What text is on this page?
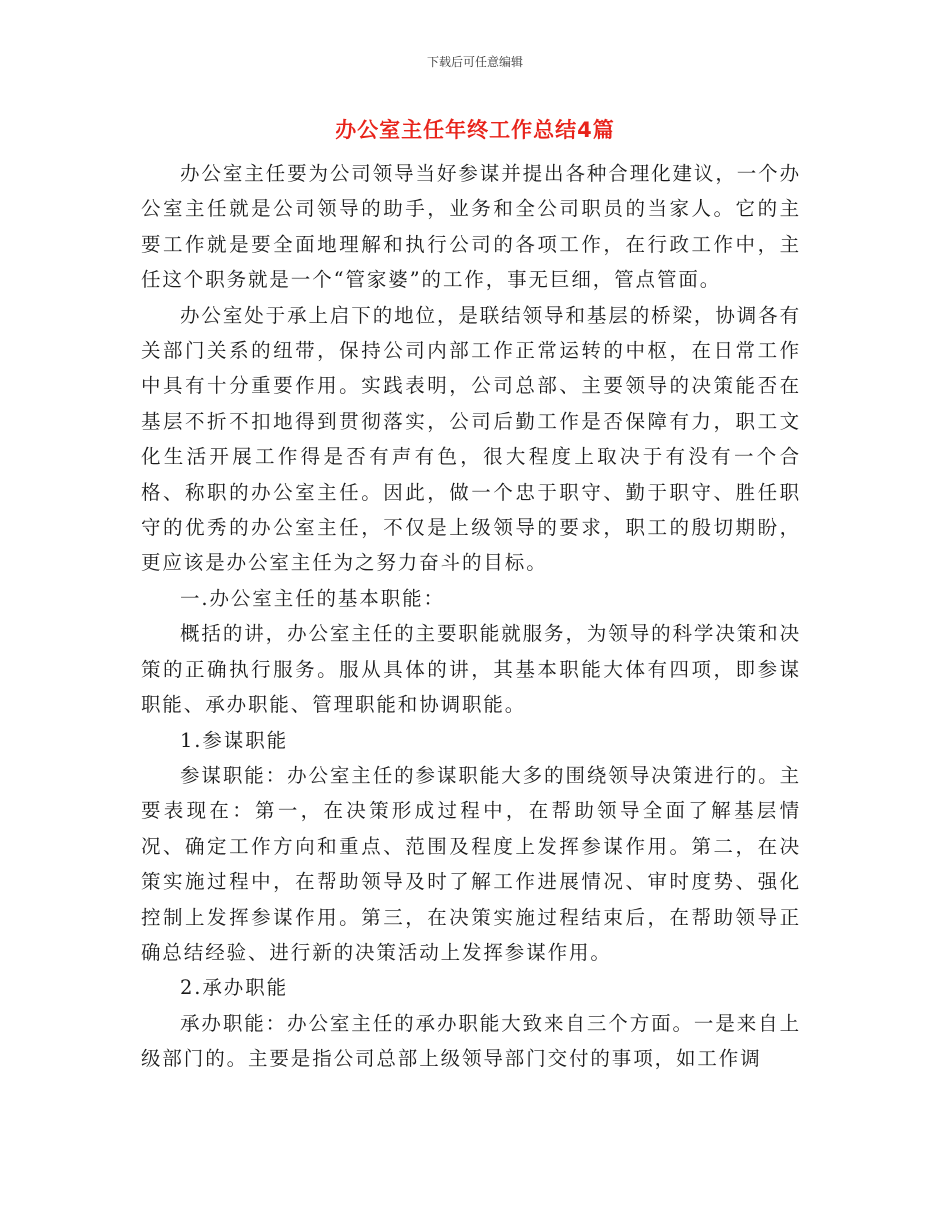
下载后可任意编辑
办公室主任年终工作总结4篇

办公室主任要为公司领导当好参谋并提出各种合理化建议，一个办公室主任就是公司领导的助手，业务和全公司职员的当家人。它的主要工作就是要全面地理解和执行公司的各项工作，在行政工作中，主任这个职务就是一个“管家婆”的工作，事无巨细，管点管面。

办公室处于承上启下的地位，是联结领导和基层的桥梁，协调各有关部门关系的纽带，保持公司内部工作正常运转的中枢，在日常工作中具有十分重要作用。实践表明，公司总部、主要领导的决策能否在基层不折不扣地得到贯彻落实，公司后勤工作是否保障有力，职工文化生活开展工作得是否有声有色，很大程度上取决于有没有一个合格、称职的办公室主任。因此，做一个忠于职守、勤于职守、胜任职守的优秀的办公室主任，不仅是上级领导的要求，职工的殷切期盼，更应该是办公室主任为之努力奋斗的目标。

一.办公室主任的基本职能：

概括的讲，办公室主任的主要职能就服务，为领导的科学决策和决策的正确执行服务。服从具体的讲，其基本职能大体有四项，即参谋职能、承办职能、管理职能和协调职能。

1.参谋职能

参谋职能：办公室主任的参谋职能大多的围绕领导决策进行的。主要表现在：第一，在决策形成过程中，在帮助领导全面了解基层情况、确定工作方向和重点、范围及程度上发挥参谋作用。第二，在决策实施过程中，在帮助领导及时了解工作进展情况、审时度势、强化控制上发挥参谋作用。第三，在决策实施过程结束后，在帮助领导正确总结经验、进行新的决策活动上发挥参谋作用。

2.承办职能

承办职能：办公室主任的承办职能大致来自三个方面。一是来自上级部门的。主要是指公司总部上级领导部门交付的事项，如工作调
